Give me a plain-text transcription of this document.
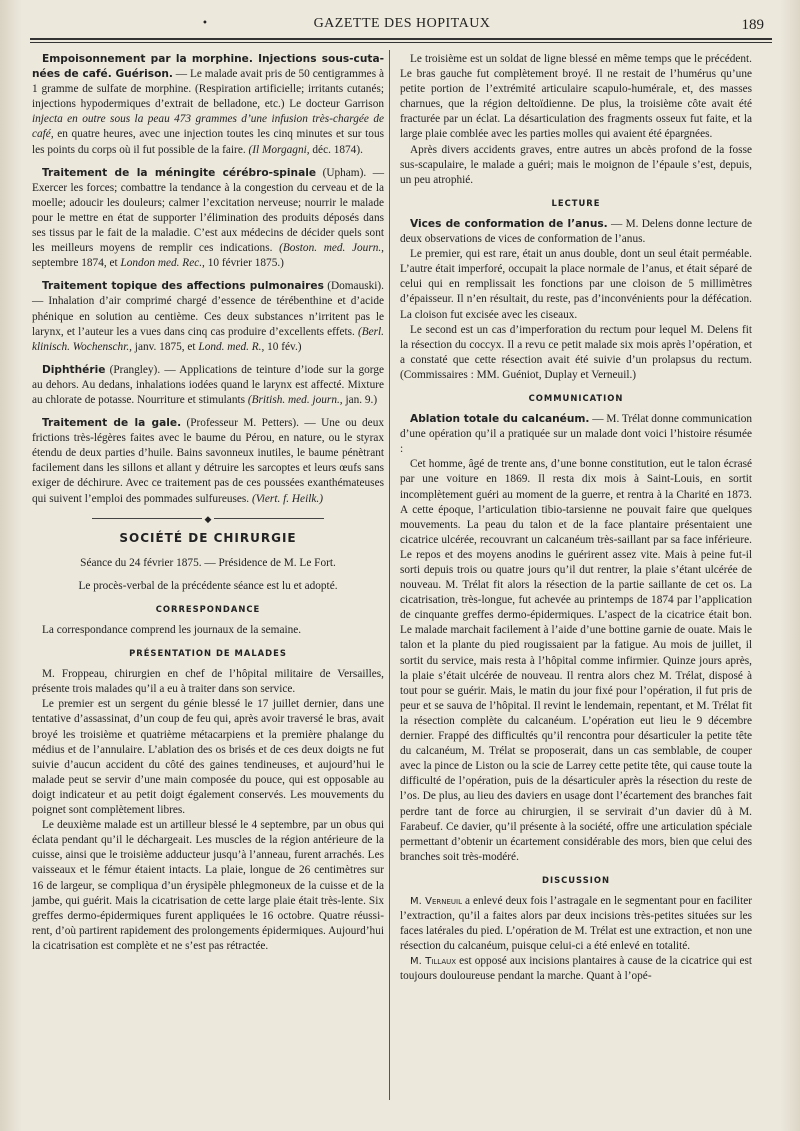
•	GAZETTE DES HOPITAUX	189

Empoisonnement par la morphine. Injections sous-cutanées de café. Guérison. — Le malade avait pris de 50 centigrammes à 1 gramme de sulfate de morphine. (Respiration artificielle; irritants cutanés; injections hypodermiques d’extrait de belladone, etc.) Le docteur Garrison injecta en outre sous la peau 473 grammes d’une infusion très-chargée de café, en quatre heures, avec une injection toutes les cinq minutes et sur tous les points du corps où il fut possible de la faire. (Il Morgagni, déc. 1874).

Traitement de la méningite cérébro-spinale (Upham). — Exercer les forces; combattre la tendance à la congestion du cerveau et de la moelle; adoucir les douleurs; calmer l’excitation nerveuse; nourrir le malade pour le mettre en état de supporter l’élimination des produits déposés dans ses tissus par le fait de la maladie. C’est aux médecins de décider quels sont les meilleurs moyens de remplir ces indications. (Boston. med. Journ., septembre 1874, et London med. Rec., 10 février 1875.)

Traitement topique des affections pulmonaires (Domauski). — Inhalation d’air comprimé chargé d’essence de térébenthine et d’acide phénique en solution au centième. Ces deux substances n’irritent pas le larynx, et l’auteur les a vues dans cinq cas produire d’excellents effets. (Berl. klinisch. Wochenschr., janv. 1875, et Lond. med. R., 10 fév.)

Diphthérie (Prangley). — Applications de teinture d’iode sur la gorge au dehors. Au dedans, inhalations iodées quand le larynx est affecté. Mixture au chlorate de potasse. Nourriture et stimulants (British. med. journ., jan. 9.)

Traitement de la gale. (Professeur M. Petters). — Une ou deux frictions très-légères faites avec le baume du Pérou, en nature, ou le styrax étendu de deux parties d’huile. Bains savonneux inutiles, le baume pénètrant facilement dans les sillons et allant y détruire les sarcoptes et leurs œufs sans exiger de déchirure. Avec ce traitement pas de ces poussées exanthémateuses qui suivent l’emploi des pommades sulfureuses. (Viert. f. Heilk.)

◆
SOCIÉTÉ DE CHIRURGIE

Séance du 24 février 1875. — Présidence de M. Le Fort.

Le procès-verbal de la précédente séance est lu et adopté.

CORRESPONDANCE

La correspondance comprend les journaux de la semaine.

PRÉSENTATION DE MALADES

M. Froppeau, chirurgien en chef de l’hôpital militaire de Versailles, présente trois malades qu’il a eu à traiter dans son service.

Le premier est un sergent du génie blessé le 17 juillet dernier, dans une tentative d’assassinat, d’un coup de feu qui, après avoir traversé le bras, avait broyé les troisième et quatrième métacarpiens et la première phalange du médius et de l’annulaire. L’ablation des os brisés et de ces deux doigts ne fut suivie d’aucun accident du côté des gaines tendineuses, et aujourd’hui le malade peut se servir d’une main composée du pouce, qui est opposable au doigt indicateur et au petit doigt également conservés. Les mouvements du poignet sont complètement libres.

Le deuxième malade est un artilleur blessé le 4 septembre, par un obus qui éclata pendant qu’il le déchargeait. Les muscles de la région antérieure de la cuisse, ainsi que le troisième adducteur jusqu’à l’anneau, furent arrachés. Les vaisseaux et le fémur étaient intacts. La plaie, longue de 26 centimètres sur 16 de largeur, se compliqua d’un érysipèle phlegmoneux de la cuisse et de la jambe, qui guérit. Mais la cicatrisation de cette large plaie était très-lente. Six greffes dermo-épidermiques furent appliquées le 16 octobre. Quatre réussirent, d’où partirent rapidement des prolongements épidermiques. Aujourd’hui la cicatrisation est complète et ne s’est pas rétractée.

Le troisième est un soldat de ligne blessé en même temps que le précédent. Le bras gauche fut complètement broyé. Il ne restait de l’humérus qu’une petite portion de l’extrémité articulaire scapulo-humérale, et, des masses charnues, que la région deltoïdienne. De plus, la troisième côte avait été fracturée par un éclat. La désarticulation des fragments osseux fut faite, et la large plaie comblée avec les parties molles qui avaient été épargnées.

Après divers accidents graves, entre autres un abcès profond de la fosse sus-scapulaire, le malade a guéri; mais le moignon de l’épaule s’est, depuis, un peu atrophié.

LECTURE

Vices de conformation de l’anus. — M. Delens donne lecture de deux observations de vices de conformation de l’anus.

Le premier, qui est rare, était un anus double, dont un seul était perméable. L’autre était imperforé, occupait la place normale de l’anus, et était séparé de celui qui en remplissait les fonctions par une cloison de 5 millimètres d’épaisseur. Il n’en résultait, du reste, pas d’inconvénients pour la défécation. La cloison fut excisée avec les ciseaux.

Le second est un cas d’imperforation du rectum pour lequel M. Delens fit la résection du coccyx. Il a revu ce petit malade six mois après l’opération, et a constaté que cette résection avait été suivie d’un prolapsus du rectum. (Commissaires : MM. Guéniot, Duplay et Verneuil.)

COMMUNICATION

Ablation totale du calcanéum. — M. Trélat donne communication d’une opération qu’il a pratiquée sur un malade dont voici l’histoire résumée :

Cet homme, âgé de trente ans, d’une bonne constitution, eut le talon écrasé par une voiture en 1869. Il resta dix mois à Saint-Louis, en sortit incomplètement guéri au moment de la guerre, et rentra à la Charité en 1873. A cette époque, l’articulation tibio-tarsienne ne pouvait faire que quelques mouvements. La peau du talon et de la face plantaire présentaient une cicatrice ulcérée, recouvrant un calcanéum très-saillant par sa face inférieure. Le repos et des moyens anodins le guérirent assez vite. Mais à peine fut-il sorti depuis trois ou quatre jours qu’il dut rentrer, la plaie s’étant ulcérée de nouveau. M. Trélat fit alors la résection de la partie saillante de cet os. La cicatrisation, très-longue, fut achevée au printemps de 1874 par l’application de cinquante greffes dermo-épidermiques. L’aspect de la cicatrice était bon. Le malade marchait facilement à l’aide d’une bottine garnie de ouate. Mais le talon et la plante du pied rougissaient par la fatigue. Au mois de juillet, il sortit du service, mais resta à l’hôpital comme infirmier. Quinze jours après, la plaie s’était ulcérée de nouveau. Il rentra alors chez M. Trélat, disposé à tout pour se guérir. Mais, le matin du jour fixé pour l’opération, il fut pris de peur et se sauva de l’hôpital. Il revint le lendemain, repentant, et M. Trélat fit la résection complète du calcanéum. L’opération eut lieu le 9 décembre dernier. Frappé des difficultés qu’il rencontra pour désarticuler la petite tête du calcanéum, M. Trélat se proposerait, dans un cas semblable, de couper avec la pince de Liston ou la scie de Larrey cette petite tête, qui cause toute la difficulté de l’opération, puis de la désarticuler après la résection du reste de l’os. De plus, au lieu des daviers en usage dont l’écartement des branches fait perdre tant de force au chirurgien, il se servirait d’un davier dû à M. Farabeuf. Ce davier, qu’il présente à la société, offre une articulation spéciale permettant d’obtenir un écartement considérable des mors, bien que celui des branches soit très-modéré.

DISCUSSION

M. Verneuil a enlevé deux fois l’astragale en le segmentant pour en faciliter l’extraction, qu’il a faites alors par deux incisions très-petites situées sur les faces latérales du pied. L’opération de M. Trélat est une extraction, et non une résection du calcanéum, puisque celui-ci a été enlevé en totalité.

M. Tillaux est opposé aux incisions plantaires à cause de la cicatrice qui est toujours douloureuse pendant la marche. Quant à l’opé-
